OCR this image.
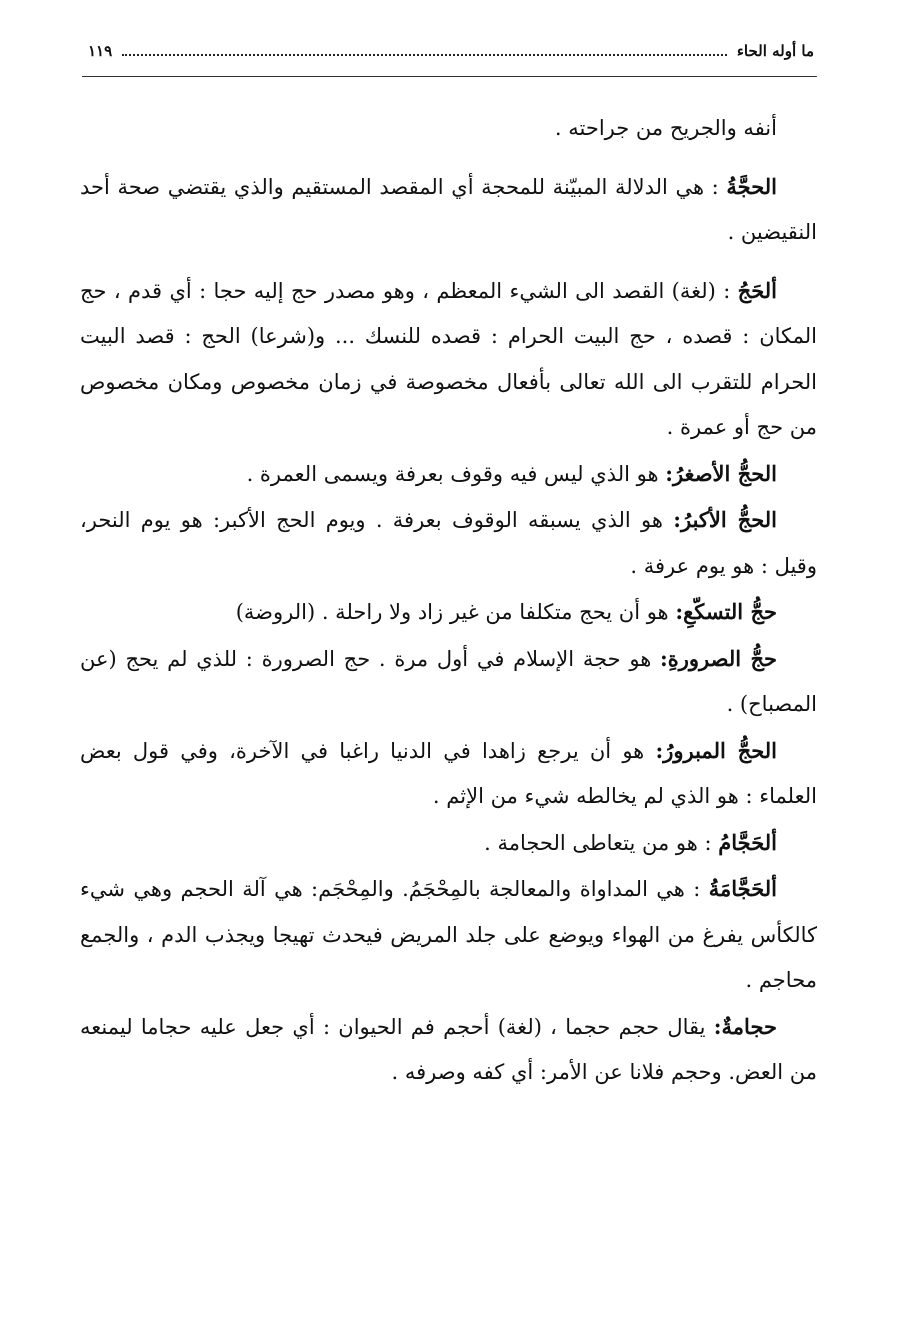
ما أوله الحاء
١١٩

أنفه والجريح من جراحته .

الحجَّةُ : هي الدلالة المبيّنة للمحجة أي المقصد المستقيم والذي يقتضي صحة أحد النقيضين .

ألحَجُ : (لغة) القصد الى الشيء المعظم ، وهو مصدر حج إليه حجا : أي قدم ، حج المكان : قصده ، حج البيت الحرام : قصده للنسك ... و(شرعا) الحج : قصد البيت الحرام للتقرب الى الله تعالى بأفعال مخصوصة في زمان مخصوص ومكان مخصوص من حج أو عمرة .

الحجُّ الأصغرُ: هو الذي ليس فيه وقوف بعرفة ويسمى العمرة .

الحجُّ الأكبرُ: هو الذي يسبقه الوقوف بعرفة . ويوم الحج الأكبر: هو يوم النحر، وقيل : هو يوم عرفة .

حجُّ التسكّعِ: هو أن يحج متكلفا من غير زاد ولا راحلة . (الروضة)

حجُّ الصرورةِ: هو حجة الإسلام في أول مرة . حج الصرورة : للذي لم يحج (عن المصباح) .

الحجُّ المبرورُ: هو أن يرجع زاهدا في الدنيا راغبا في الآخرة، وفي قول بعض العلماء : هو الذي لم يخالطه شيء من الإثم .

ألحَجَّامُ : هو من يتعاطى الحجامة .

ألحَجَّامَةُ : هي المداواة والمعالجة بالمِحْجَمُ. والمِحْجَم: هي آلة الحجم وهي شيء كالكأس يفرغ من الهواء ويوضع على جلد المريض فيحدث تهيجا ويجذب الدم ، والجمع محاجم .

حجامةٌ: يقال حجم حجما ، (لغة) أحجم فم الحيوان : أي جعل عليه حجاما ليمنعه من العض. وحجم فلانا عن الأمر: أي كفه وصرفه .
